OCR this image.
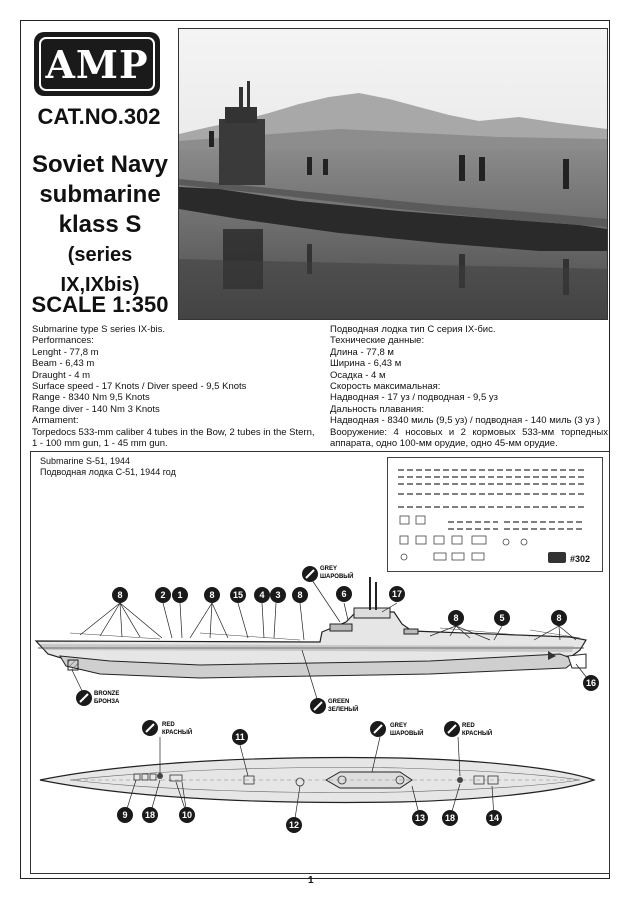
AMP
CAT.NO.302
Soviet Navy
submarine
klass S
(series IX,IXbis)
SCALE 1:350
Submarine type S series IX-bis.
Performances:
Lenght - 77,8 m
Beam - 6,43 m
Draught - 4 m
Surface speed - 17 Knots / Diver speed - 9,5 Knots
Range - 8340 Nm 9,5 Knots
Range diver - 140 Nm 3 Knots
Armament:
Torpedocs 533-mm caliber 4 tubes in the Bow, 2 tubes in the Stern,
1 - 100 mm gun, 1 - 45 mm gun.
Подводная лодка тип С серия IX-бис.
Технические данные:
Длина - 77,8 м
Ширина - 6,43 м
Осадка - 4 м
Скорость максимальная:
Надводная - 17 уз / подводная - 9,5 уз
Дальность плавания:
Надводная - 8340 миль (9,5 уз) / подводная - 140 миль (3 уз )
Вооружение: 4 носовых и 2 кормовых 533-мм торпедных аппарата, одно 100-мм орудие, одно 45-мм орудие.
Submarine S-51, 1944
Подводная лодка С-51, 1944 год
#302
GREY
ШАРОВЫЙ
BRONZE
БРОНЗА	GREEN
ЗЕЛЕНЫЙ
RED
КРАСНЫЙ
GREY
ШАРОВЫЙ
RED
КРАСНЫЙ
8	2 1	8 15 4 3 8	6	17
8	5	8
16
11
9 18	10
12
13 18	14
1
